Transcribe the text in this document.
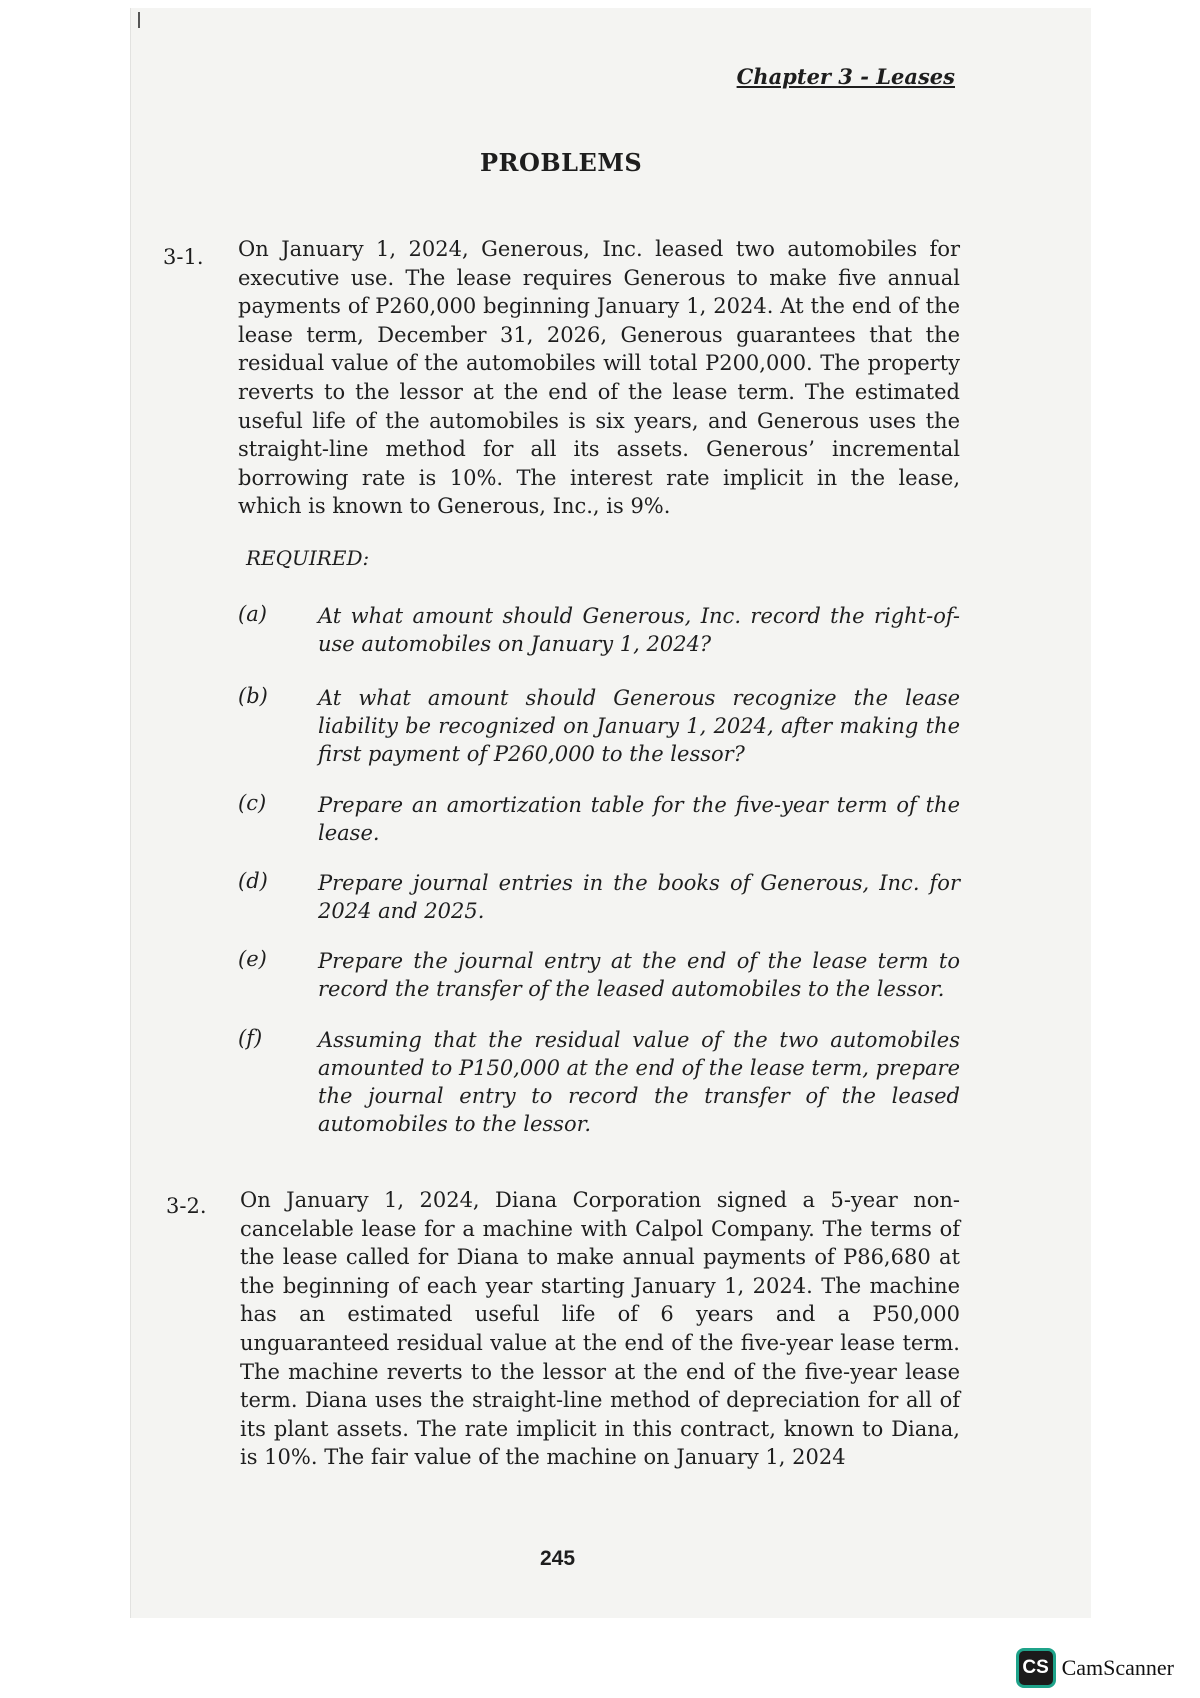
Chapter 3 - Leases
PROBLEMS
3-1. On January 1, 2024, Generous, Inc. leased two automobiles for executive use. The lease requires Generous to make five annual payments of P260,000 beginning January 1, 2024. At the end of the lease term, December 31, 2026, Generous guarantees that the residual value of the automobiles will total P200,000. The property reverts to the lessor at the end of the lease term. The estimated useful life of the automobiles is six years, and Generous uses the straight-line method for all its assets. Generous’ incremental borrowing rate is 10%. The interest rate implicit in the lease, which is known to Generous, Inc., is 9%.
REQUIRED:
(a) At what amount should Generous, Inc. record the right-of-use automobiles on January 1, 2024?
(b) At what amount should Generous recognize the lease liability be recognized on January 1, 2024, after making the first payment of P260,000 to the lessor?
(c) Prepare an amortization table for the five-year term of the lease.
(d) Prepare journal entries in the books of Generous, Inc. for 2024 and 2025.
(e) Prepare the journal entry at the end of the lease term to record the transfer of the leased automobiles to the lessor.
(f)	Assuming that the residual value of the two automobiles amounted to P150,000 at the end of the lease term, prepare the journal entry to record the transfer of the leased automobiles to the lessor.
3-2. On January 1, 2024, Diana Corporation signed a 5-year non-cancelable lease for a machine with Calpol Company. The terms of the lease called for Diana to make annual payments of P86,680 at the beginning of each year starting January 1, 2024. The machine has an estimated useful life of 6 years and a P50,000 unguaranteed residual value at the end of the five-year lease term. The machine reverts to the lessor at the end of the five-year lease term. Diana uses the straight-line method of depreciation for all of its plant assets. The rate implicit in this contract, known to Diana, is 10%. The fair value of the machine on January 1, 2024
245
CS CamScanner
